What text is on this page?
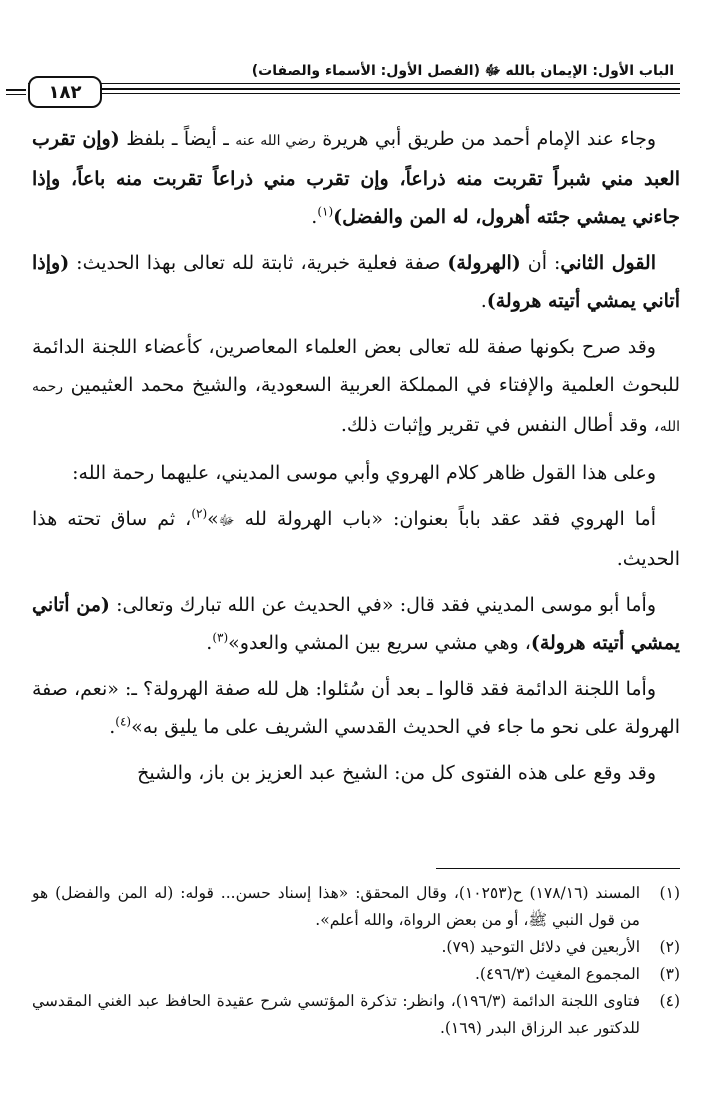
الباب الأول: الإيمان بالله ﷻ (الفصل الأول: الأسماء والصفات)
١٨٢

وجاء عند الإمام أحمد من طريق أبي هريرة رضي الله عنه ـ أيضاً ـ بلفظ (وإن تقرب العبد مني شبراً تقربت منه ذراعاً، وإن تقرب مني ذراعاً تقربت منه باعاً، وإذا جاءني يمشي جئته أهرول، له المن والفضل)$^{(١)}$.

القول الثاني: أن (الهرولة) صفة فعلية خبرية، ثابتة لله تعالى بهذا الحديث: (وإذا أتاني يمشي أتيته هرولة).

وقد صرح بكونها صفة لله تعالى بعض العلماء المعاصرين، كأعضاء اللجنة الدائمة للبحوث العلمية والإفتاء في المملكة العربية السعودية، والشيخ محمد العثيمين رحمه الله، وقد أطال النفس في تقرير وإثبات ذلك.

وعلى هذا القول ظاهر كلام الهروي وأبي موسى المديني، عليهما رحمة الله:

أما الهروي فقد عقد باباً بعنوان: «باب الهرولة لله ﷻ»$^{(٢)}$، ثم ساق تحته هذا الحديث.

وأما أبو موسى المديني فقد قال: «في الحديث عن الله تبارك وتعالى: (من أتاني يمشي أتيته هرولة)، وهي مشي سريع بين المشي والعدو»$^{(٣)}$.

وأما اللجنة الدائمة فقد قالوا ـ بعد أن سُئلوا: هل لله صفة الهرولة؟ ـ: «نعم، صفة الهرولة على نحو ما جاء في الحديث القدسي الشريف على ما يليق به»$^{(٤)}$.

وقد وقع على هذه الفتوى كل من: الشيخ عبد العزيز بن باز، والشيخ

(١)
المسند (١٧٨/١٦) ح(١٠٢٥٣)، وقال المحقق: «هذا إسناد حسن... قوله: (له المن والفضل) هو من قول النبي ﷺ، أو من بعض الرواة، والله أعلم».
(٢)
الأربعين في دلائل التوحيد (٧٩).
(٣)
المجموع المغيث (٤٩٦/٣).
(٤)
فتاوى اللجنة الدائمة (١٩٦/٣)، وانظر: تذكرة المؤتسي شرح عقيدة الحافظ عبد الغني المقدسي للدكتور عبد الرزاق البدر (١٦٩).
